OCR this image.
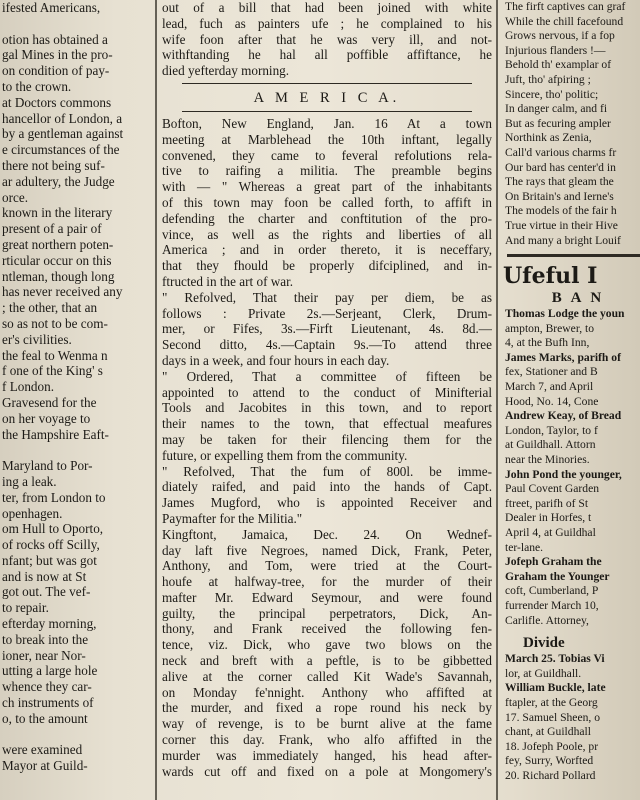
ifested Americans,
otion has obtained a
gal Mines in the pro-
on condition of pay-
to the crown.
at Doctors commons
hancellor of London, a
by a gentleman against
e circumstances of the
there not being suf-
ar adultery, the Judge
orce.
known in the literary
present of a pair of
great northern poten-
rticular occur on this
ntleman, though long
has never received any
; the other, that an
so as not to be com-
er's civilities.
the feal to Wenma n
f one of the King' s
f London.
Gravesend for the
on her voyage to
the Hampshire Eaft-
Maryland to Por-
ing a leak.
ter, from London to
openhagen.
om Hull to Oporto,
of rocks off Scilly,
nfant; but was got
and is now at St
got out. The vef-
to repair.
efterday morning,
to break into the
ioner, near Nor-
utting a large hole
whence they car-
ch instruments of
o, to the amount
were examined
Mayor at Guild-
out of a bill that had been joined with white
lead, fuch as painters ufe ; he complained to his
wife foon after that he was very ill, and not-
withftanding he hal all poffible affiftance, he
died yefterday morning.
A M E R I C A.
Bofton, New England, Jan. 16 At a town
meeting at Marblehead the 10th inftant, legally
convened, they came to feveral refolutions rela-
tive to raifing a militia. The preamble begins
with — " Whereas a great part of the inhabitants
of this town may foon be called forth, to affift in
defending the charter and conftitution of the pro-
vince, as well as the rights and liberties of all
America ; and in order thereto, it is neceffary,
that they fhould be properly difciplined, and in-
ftructed in the art of war.
" Refolved, That their pay per diem, be as
follows : Private 2s.—Serjeant, Clerk, Drum-
mer, or Fifes, 3s.—Firft Lieutenant, 4s. 8d.—
Second ditto, 4s.—Captain 9s.—To attend three
days in a week, and four hours in each day.
" Ordered, That a committee of fifteen be
appointed to attend to the conduct of Minifterial
Tools and Jacobites in this town, and to report
their names to the town, that effectual meafures
may be taken for their filencing them for the
future, or expelling them from the community.
" Refolved, That the fum of 800l. be imme-
diately raifed, and paid into the hands of Capt.
James Mugford, who is appointed Receiver and
Paymafter for the Militia."
Kingftont, Jamaica, Dec. 24. On Wednef-
day laft five Negroes, named Dick, Frank, Peter,
Anthony, and Tom, were tried at the Court-
houfe at halfway-tree, for the murder of their
mafter Mr. Edward Seymour, and were found
guilty, the principal perpetrators, Dick, An-
thony, and Frank received the following fen-
tence, viz. Dick, who gave two blows on the
neck and breft with a peftle, is to be gibbetted
alive at the corner called Kit Wade's Savannah,
on Monday fe'nnight. Anthony who affifted at
the murder, and fixed a rope round his neck by
way of revenge, is to be burnt alive at the fame
corner this day. Frank, who alfo affifted in the
murder was immediately hanged, his head after-
wards cut off and fixed on a pole at Mongomery's
The firft captives can graf
While the chill facefound
Grows nervous, if a fop
Injurious flanders !—
Behold th' examplar of
Juft, tho' afpiring ;
Sincere, tho' politic;
In danger calm, and fi
But as fecuring ampler
Northink as Zenia,
Call'd various charms fr
Our bard has center'd in
The rays that gleam the
On Britain's and Ierne's
The models of the fair h
True virtue in their Hive
And many a bright Louif
Ufeful I
B A N
Thomas Lodge the youn
ampton, Brewer, to
4, at the Bufh Inn,
James Marks, parifh of
fex, Stationer and B
March 7, and April
Hood, No. 14, Cone
Andrew Keay, of Bread
London, Taylor, to f
at Guildhall. Attorn
near the Minories.
John Pond the younger,
Paul Covent Garden
ftreet, parifh of St
Dealer in Horfes, t
April 4, at Guildhal
ter-lane.
Jofeph Graham the
Graham the Younger
coft, Cumberland, P
furrender March 10,
Carlifle. Attorney,
Divide
March 25. Tobias Vi
lor, at Guildhall.
William Buckle, late
ftapler, at the Georg
17. Samuel Sheen, o
chant, at Guildhall
18. Jofeph Poole, pr
fey, Surry, Worfted
20. Richard Pollard
